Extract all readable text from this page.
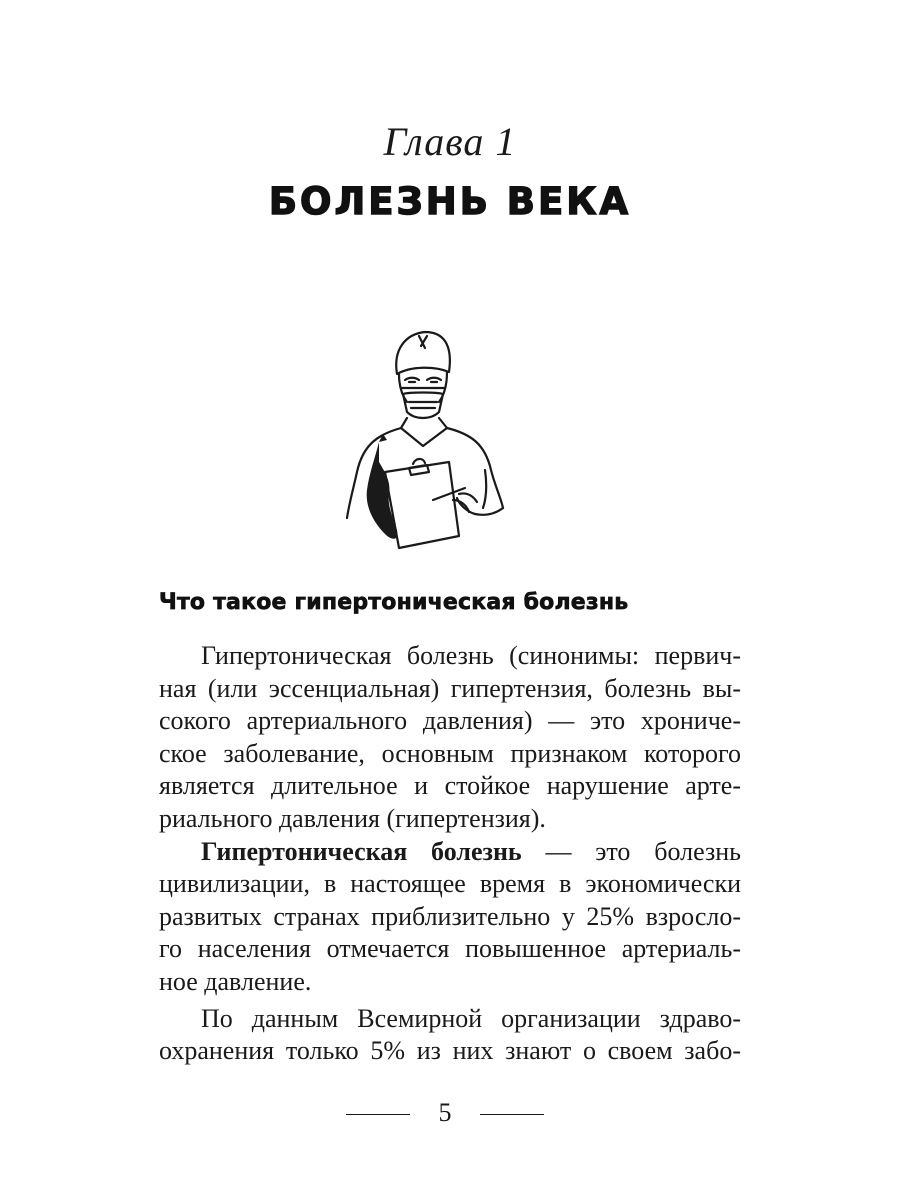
Глава 1
БОЛЕЗНЬ ВЕКА
Что такое гипертоническая болезнь
Гипертоническая болезнь (синонимы: первич-
ная (или эссенциальная) гипертензия, болезнь вы-
сокого артериального давления) — это хрониче-
ское заболевание, основным признаком которого
является длительное и стойкое нарушение арте-
риального давления (гипертензия).
Гипертоническая болезнь — это болезнь
цивилизации, в настоящее время в экономически
развитых странах приблизительно у 25% взросло-
го населения отмечается повышенное артериаль-
ное давление.
По данным Всемирной организации здраво-
охранения только 5% из них знают о своем забо-
5
